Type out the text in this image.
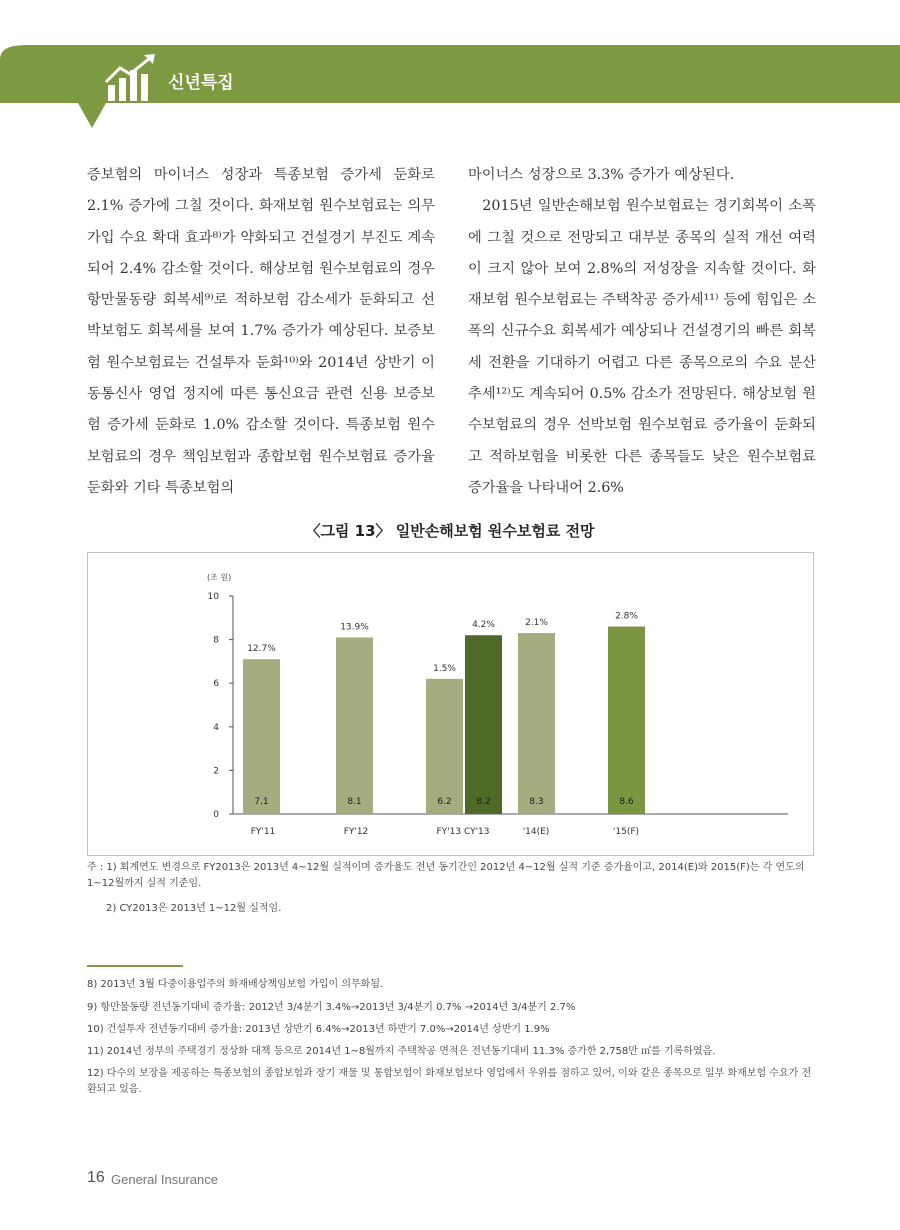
신년특집

증보험의 마이너스 성장과 특종보험 증가세 둔화로 2.1% 증가에 그칠 것이다. 화재보험 원수보험료는 의무가입 수요 확대 효과⁸⁾가 약화되고 건설경기 부진도 계속되어 2.4% 감소할 것이다. 해상보험 원수보험료의 경우 항만물동량 회복세⁹⁾로 적하보험 감소세가 둔화되고 선박보험도 회복세를 보여 1.7% 증가가 예상된다. 보증보험 원수보험료는 건설투자 둔화¹⁰⁾와 2014년 상반기 이동통신사 영업 정지에 따른 통신요금 관련 신용 보증보험 증가세 둔화로 1.0% 감소할 것이다. 특종보험 원수보험료의 경우 책임보험과 종합보험 원수보험료 증가율 둔화와 기타 특종보험의

마이너스 성장으로 3.3% 증가가 예상된다.

2015년 일반손해보험 원수보험료는 경기회복이 소폭에 그칠 것으로 전망되고 대부분 종목의 실적 개선 여력이 크지 않아 보여 2.8%의 저성장을 지속할 것이다. 화재보험 원수보험료는 주택착공 증가세¹¹⁾ 등에 힘입은 소폭의 신규수요 회복세가 예상되나 건설경기의 빠른 회복세 전환을 기대하기 어렵고 다른 종목으로의 수요 분산 추세¹²⁾도 계속되어 0.5% 감소가 전망된다. 해상보험 원수보험료의 경우 선박보험 원수보험료 증가율이 둔화되고 적하보험을 비롯한 다른 종목들도 낮은 원수보험료 증가율을 나타내어 2.6%

〈그림 13〉 일반손해보험 원수보험료 전망
(조 원)
0
2
4
6
8
10
7.1
12.7%
8.1
13.9%
6.2
1.5%
8.2
4.2%
8.3
2.1%
8.6
2.8%
FY'11	FY'12	FY'13 CY'13	'14(E)	'15(F)
주 : 1) 회계연도 변경으로 FY2013은 2013년 4~12월 실적이며 증가율도 전년 동기간인 2012년 4~12월 실적 기준 증가율이고, 2014(E)와 2015(F)는 각 연도의 1~12월까지 실적 기준임.
2) CY2013은 2013년 1~12월 실적임.
8) 2013년 3월 다중이용업주의 화재배상책임보험 가입이 의무화됨.
9) 항만물동량 전년동기대비 증가율: 2012년 3/4분기 3.4%→2013년 3/4분기 0.7% →2014년 3/4분기 2.7%
10) 건설투자 전년동기대비 증가율: 2013년 상반기 6.4%→2013년 하반기 7.0%→2014년 상반기 1.9%
11) 2014년 정부의 주택경기 정상화 대책 등으로 2014년 1~8월까지 주택착공 면적은 전년동기대비 11.3% 증가한 2,758만 ㎡를 기록하였음.
12) 다수의 보장을 제공하는 특종보험의 종합보험과 장기 재물 및 통합보험이 화재보험보다 영업에서 우위를 점하고 있어, 이와 같은 종목으로 일부 화재보험 수요가 전환되고 있음.
16 General Insurance
